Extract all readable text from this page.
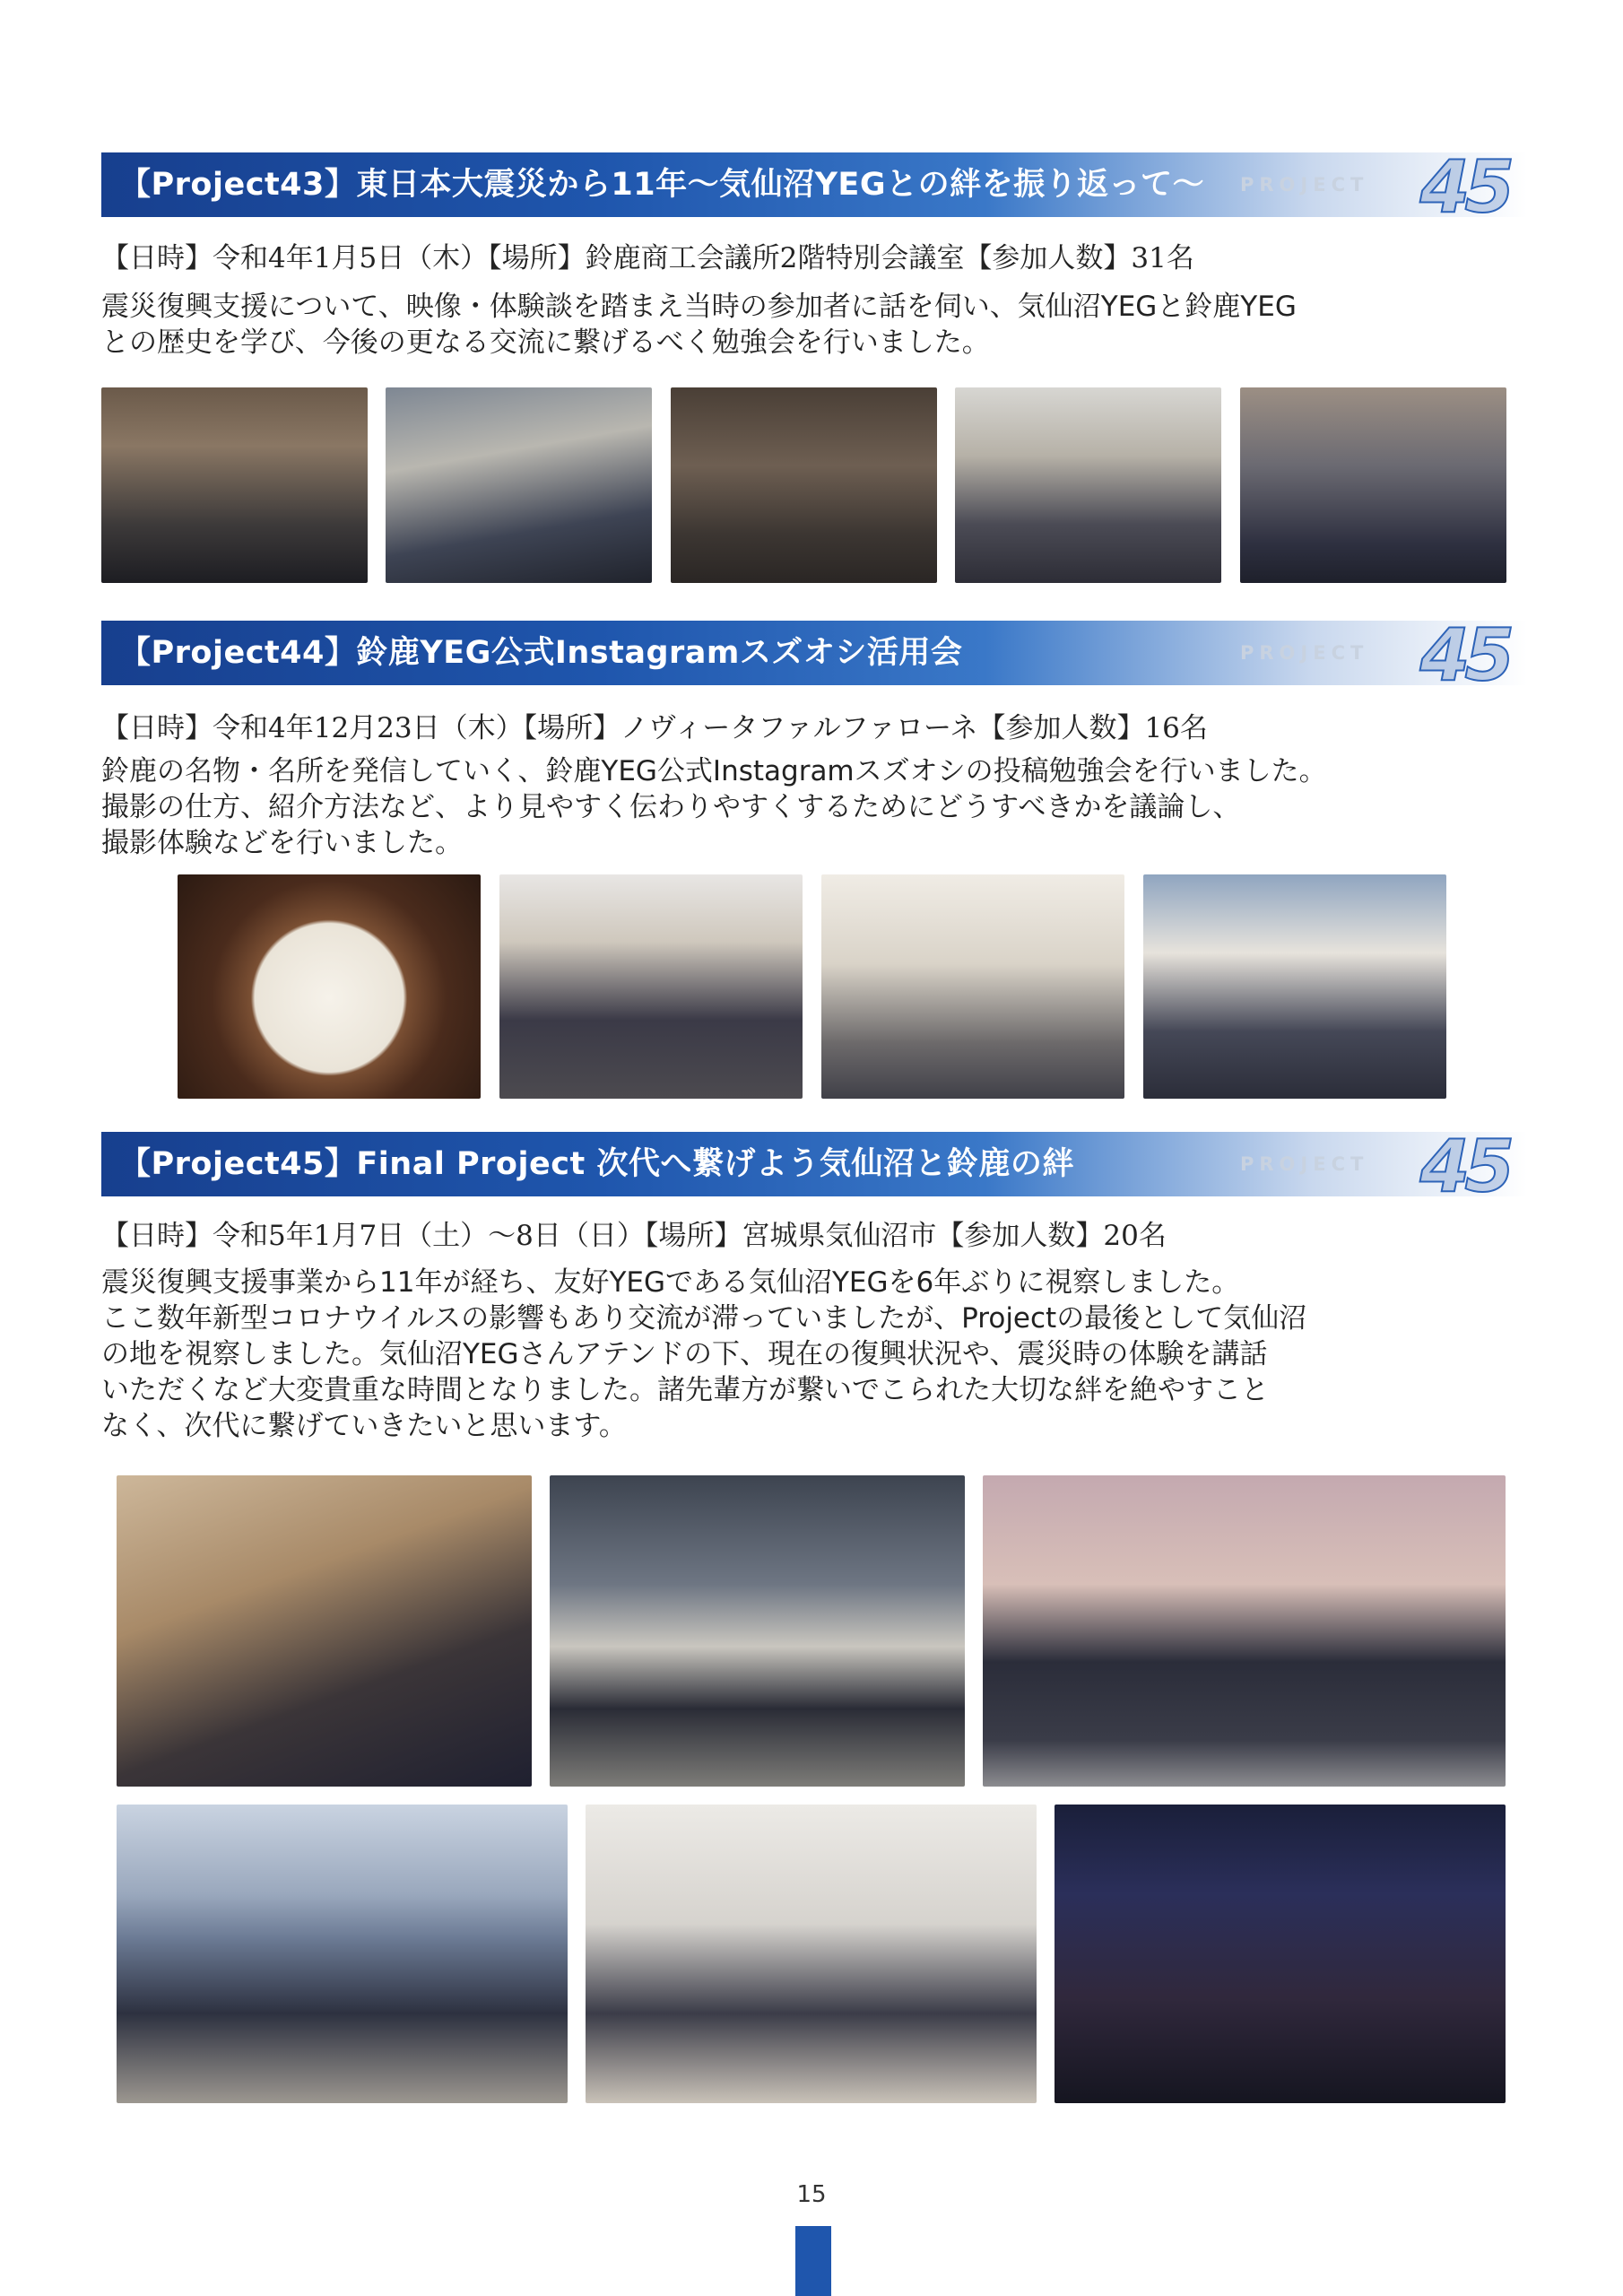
【Project43】東日本大震災から11年〜気仙沼YEGとの絆を振り返って〜 PROJECT 45
【日時】令和4年1月5日（木）【場所】鈴鹿商工会議所2階特別会議室【参加人数】31名
震災復興支援について、映像・体験談を踏まえ当時の参加者に話を伺い、気仙沼YEGと鈴鹿YEG
との歴史を学び、今後の更なる交流に繋げるべく勉強会を行いました。
【Project44】鈴鹿YEG公式Instagramスズオシ活用会	PROJECT 45
【日時】令和4年12月23日（木）【場所】ノヴィータファルファローネ【参加人数】16名
鈴鹿の名物・名所を発信していく、鈴鹿YEG公式Instagramスズオシの投稿勉強会を行いました。
撮影の仕方、紹介方法など、より見やすく伝わりやすくするためにどうすべきかを議論し、
撮影体験などを行いました。
【Project45】Final Project 次代へ繋げよう気仙沼と鈴鹿の絆	PROJECT 45
【日時】令和5年1月7日（土）〜8日（日）【場所】宮城県気仙沼市【参加人数】20名
震災復興支援事業から11年が経ち、友好YEGである気仙沼YEGを6年ぶりに視察しました。
ここ数年新型コロナウイルスの影響もあり交流が滞っていましたが、Projectの最後として気仙沼
の地を視察しました。気仙沼YEGさんアテンドの下、現在の復興状況や、震災時の体験を講話
いただくなど大変貴重な時間となりました。諸先輩方が繋いでこられた大切な絆を絶やすこと
なく、次代に繋げていきたいと思います。
15
